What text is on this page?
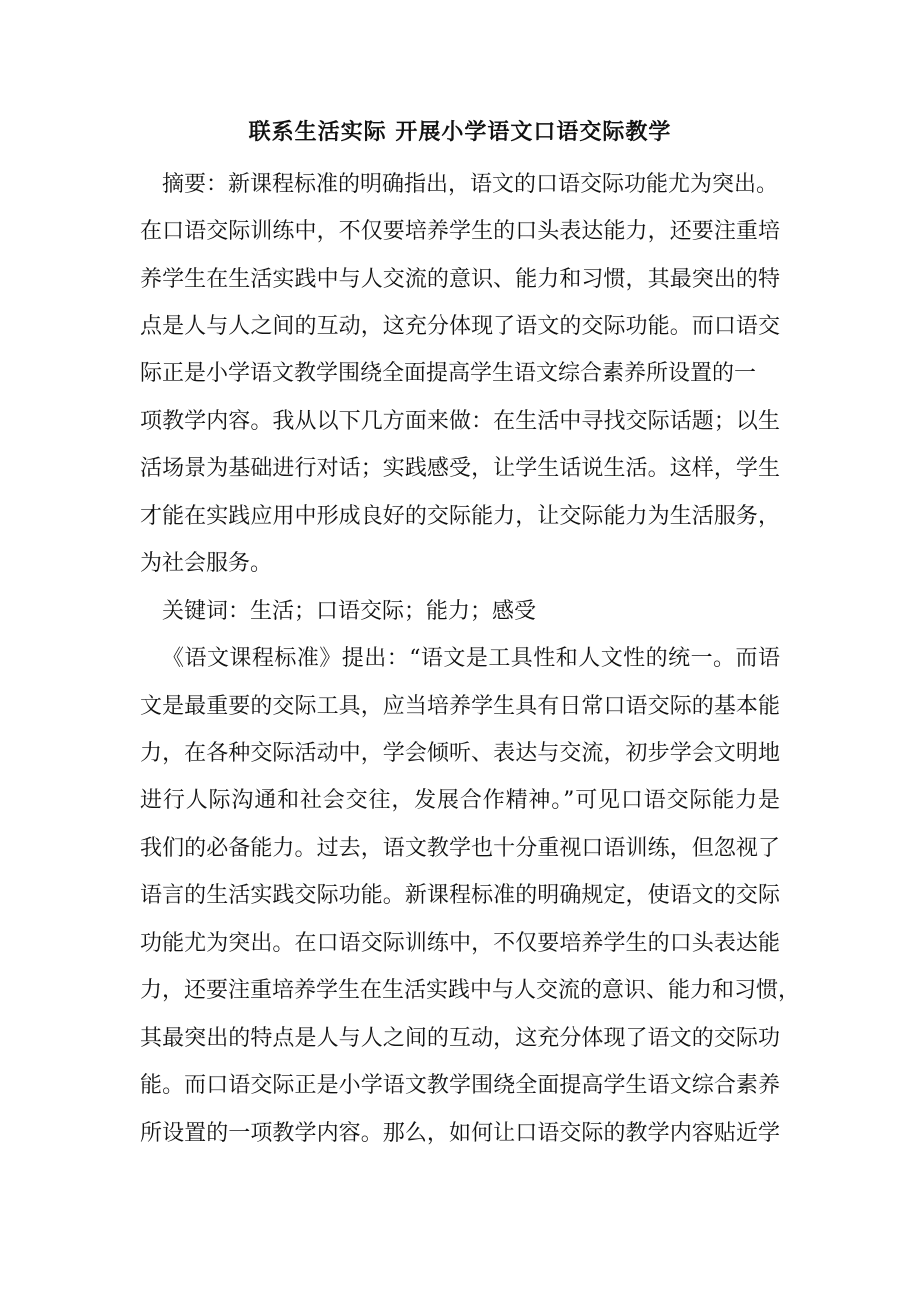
联系生活实际 开展小学语文口语交际教学
摘要：新课程标准的明确指出，语文的口语交际功能尤为突出。
在口语交际训练中，不仅要培养学生的口头表达能力，还要注重培
养学生在生活实践中与人交流的意识、能力和习惯，其最突出的特
点是人与人之间的互动，这充分体现了语文的交际功能。而口语交
际正是小学语文教学围绕全面提高学生语文综合素养所设置的一
项教学内容。我从以下几方面来做：在生活中寻找交际话题；以生
活场景为基础进行对话；实践感受，让学生话说生活。这样，学生
才能在实践应用中形成良好的交际能力，让交际能力为生活服务，
为社会服务。
关键词：生活；口语交际；能力；感受
《语文课程标准》提出：“语文是工具性和人文性的统一。而语
文是最重要的交际工具，应当培养学生具有日常口语交际的基本能
力，在各种交际活动中，学会倾听、表达与交流，初步学会文明地
进行人际沟通和社会交往，发展合作精神。”可见口语交际能力是
我们的必备能力。过去，语文教学也十分重视口语训练，但忽视了
语言的生活实践交际功能。新课程标准的明确规定，使语文的交际
功能尤为突出。在口语交际训练中，不仅要培养学生的口头表达能
力，还要注重培养学生在生活实践中与人交流的意识、能力和习惯，
其最突出的特点是人与人之间的互动，这充分体现了语文的交际功
能。而口语交际正是小学语文教学围绕全面提高学生语文综合素养
所设置的一项教学内容。那么，如何让口语交际的教学内容贴近学
